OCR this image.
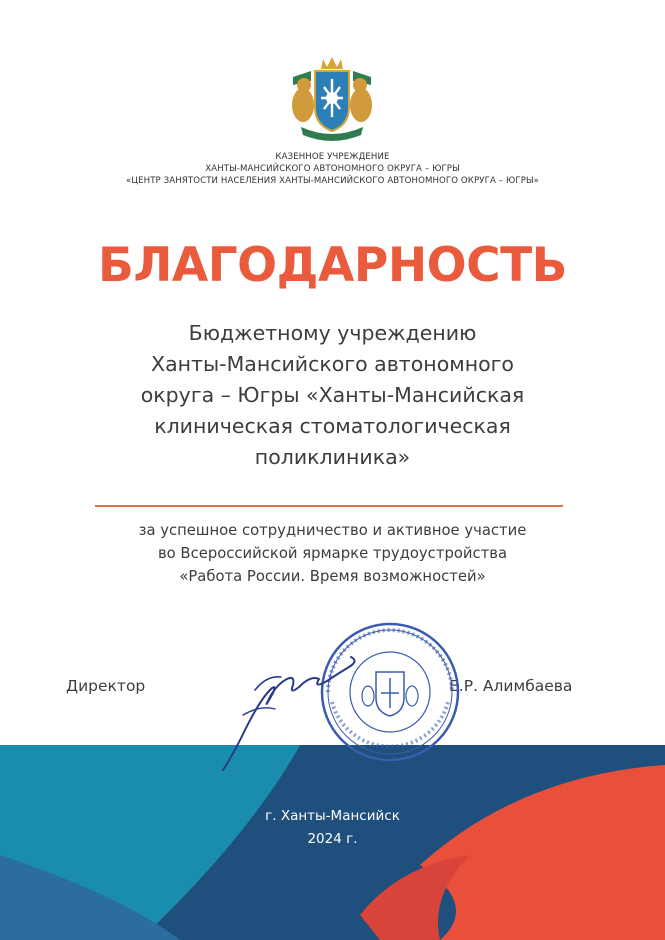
КАЗЕННОЕ УЧРЕЖДЕНИЕ
ХАНТЫ-МАНСИЙСКОГО АВТОНОМНОГО ОКРУГА – ЮГРЫ
«ЦЕНТР ЗАНЯТОСТИ НАСЕЛЕНИЯ ХАНТЫ-МАНСИЙСКОГО АВТОНОМНОГО ОКРУГА – ЮГРЫ»
БЛАГОДАРНОСТЬ
Бюджетному учреждению
Ханты-Мансийского автономного
округа – Югры «Ханты-Мансийская
клиническая стоматологическая
поликлиника»
за успешное сотрудничество и активное участие
во Всероссийской ярмарке трудоустройства
«Работа России. Время возможностей»
г. Ханты-Мансийск
2024 г.
Директор	Е.Р. Алимбаева
